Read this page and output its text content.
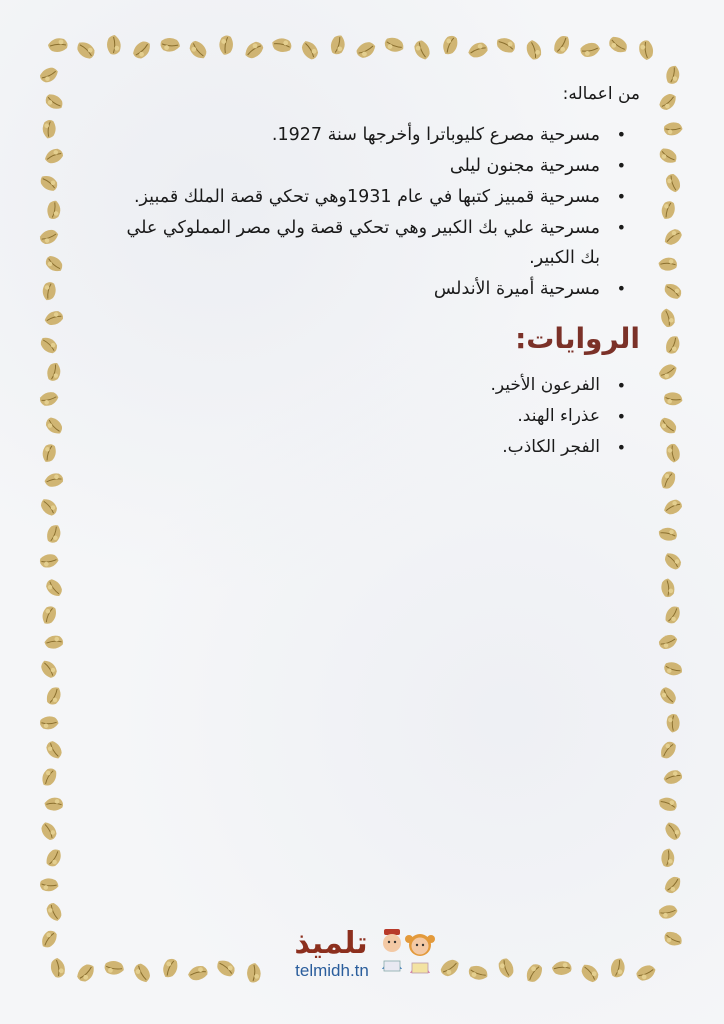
من اعماله:

• مسرحية مصرع كليوباترا وأخرجها سنة 1927.
• مسرحية مجنون ليلى
• مسرحية قمبيز كتبها في عام 1931وهي تحكي قصة الملك قمبيز.
• مسرحية علي بك الكبير وهي تحكي قصة ولي مصر المملوكي علي بك الكبير.
• مسرحية أميرة الأندلس
الروايات:
• الفرعون الأخير.
• عذراء الهند.
• الفجر الكاذب.
تلميذ
telmidh.tn
